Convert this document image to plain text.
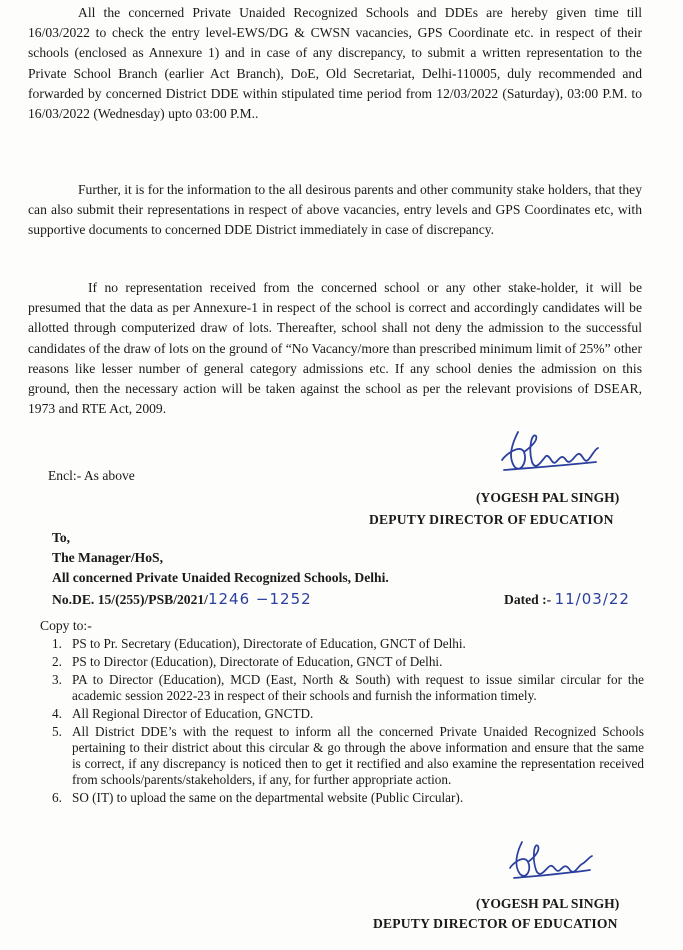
All the concerned Private Unaided Recognized Schools and DDEs are hereby given time till 16/03/2022 to check the entry level-EWS/DG & CWSN vacancies, GPS Coordinate etc. in respect of their schools (enclosed as Annexure 1) and in case of any discrepancy, to submit a written representation to the Private School Branch (earlier Act Branch), DoE, Old Secretariat, Delhi-110005, duly recommended and forwarded by concerned District DDE within stipulated time period from 12/03/2022 (Saturday), 03:00 P.M. to 16/03/2022 (Wednesday) upto 03:00 P.M..

Further, it is for the information to the all desirous parents and other community stake holders, that they can also submit their representations in respect of above vacancies, entry levels and GPS Coordinates etc, with supportive documents to concerned DDE District immediately in case of discrepancy.

If no representation received from the concerned school or any other stake-holder, it will be presumed that the data as per Annexure-1 in respect of the school is correct and accordingly candidates will be allotted through computerized draw of lots. Thereafter, school shall not deny the admission to the successful candidates of the draw of lots on the ground of “No Vacancy/more than prescribed minimum limit of 25%” other reasons like lesser number of general category admissions etc. If any school denies the admission on this ground, then the necessary action will be taken against the school as per the relevant provisions of DSEAR, 1973 and RTE Act, 2009.

Encl:- As above
(YOGESH PAL SINGH)
DEPUTY DIRECTOR OF EDUCATION
To,
The Manager/HoS,
All concerned Private Unaided Recognized Schools, Delhi.
No.DE. 15/(255)/PSB/2021/1246 −1252	Dated :- 11/03/22
Copy to:-
1. PS to Pr. Secretary (Education), Directorate of Education, GNCT of Delhi.
2. PS to Director (Education), Directorate of Education, GNCT of Delhi.
3. PA to Director (Education), MCD (East, North & South) with request to issue similar circular for the academic session 2022-23 in respect of their schools and furnish the information timely.
4. All Regional Director of Education, GNCTD.
5. All District DDE’s with the request to inform all the concerned Private Unaided Recognized Schools pertaining to their district about this circular & go through the above information and ensure that the same is correct, if any discrepancy is noticed then to get it rectified and also examine the representation received from schools/parents/stakeholders, if any, for further appropriate action.
6. SO (IT) to upload the same on the departmental website (Public Circular).
(YOGESH PAL SINGH)
DEPUTY DIRECTOR OF EDUCATION
